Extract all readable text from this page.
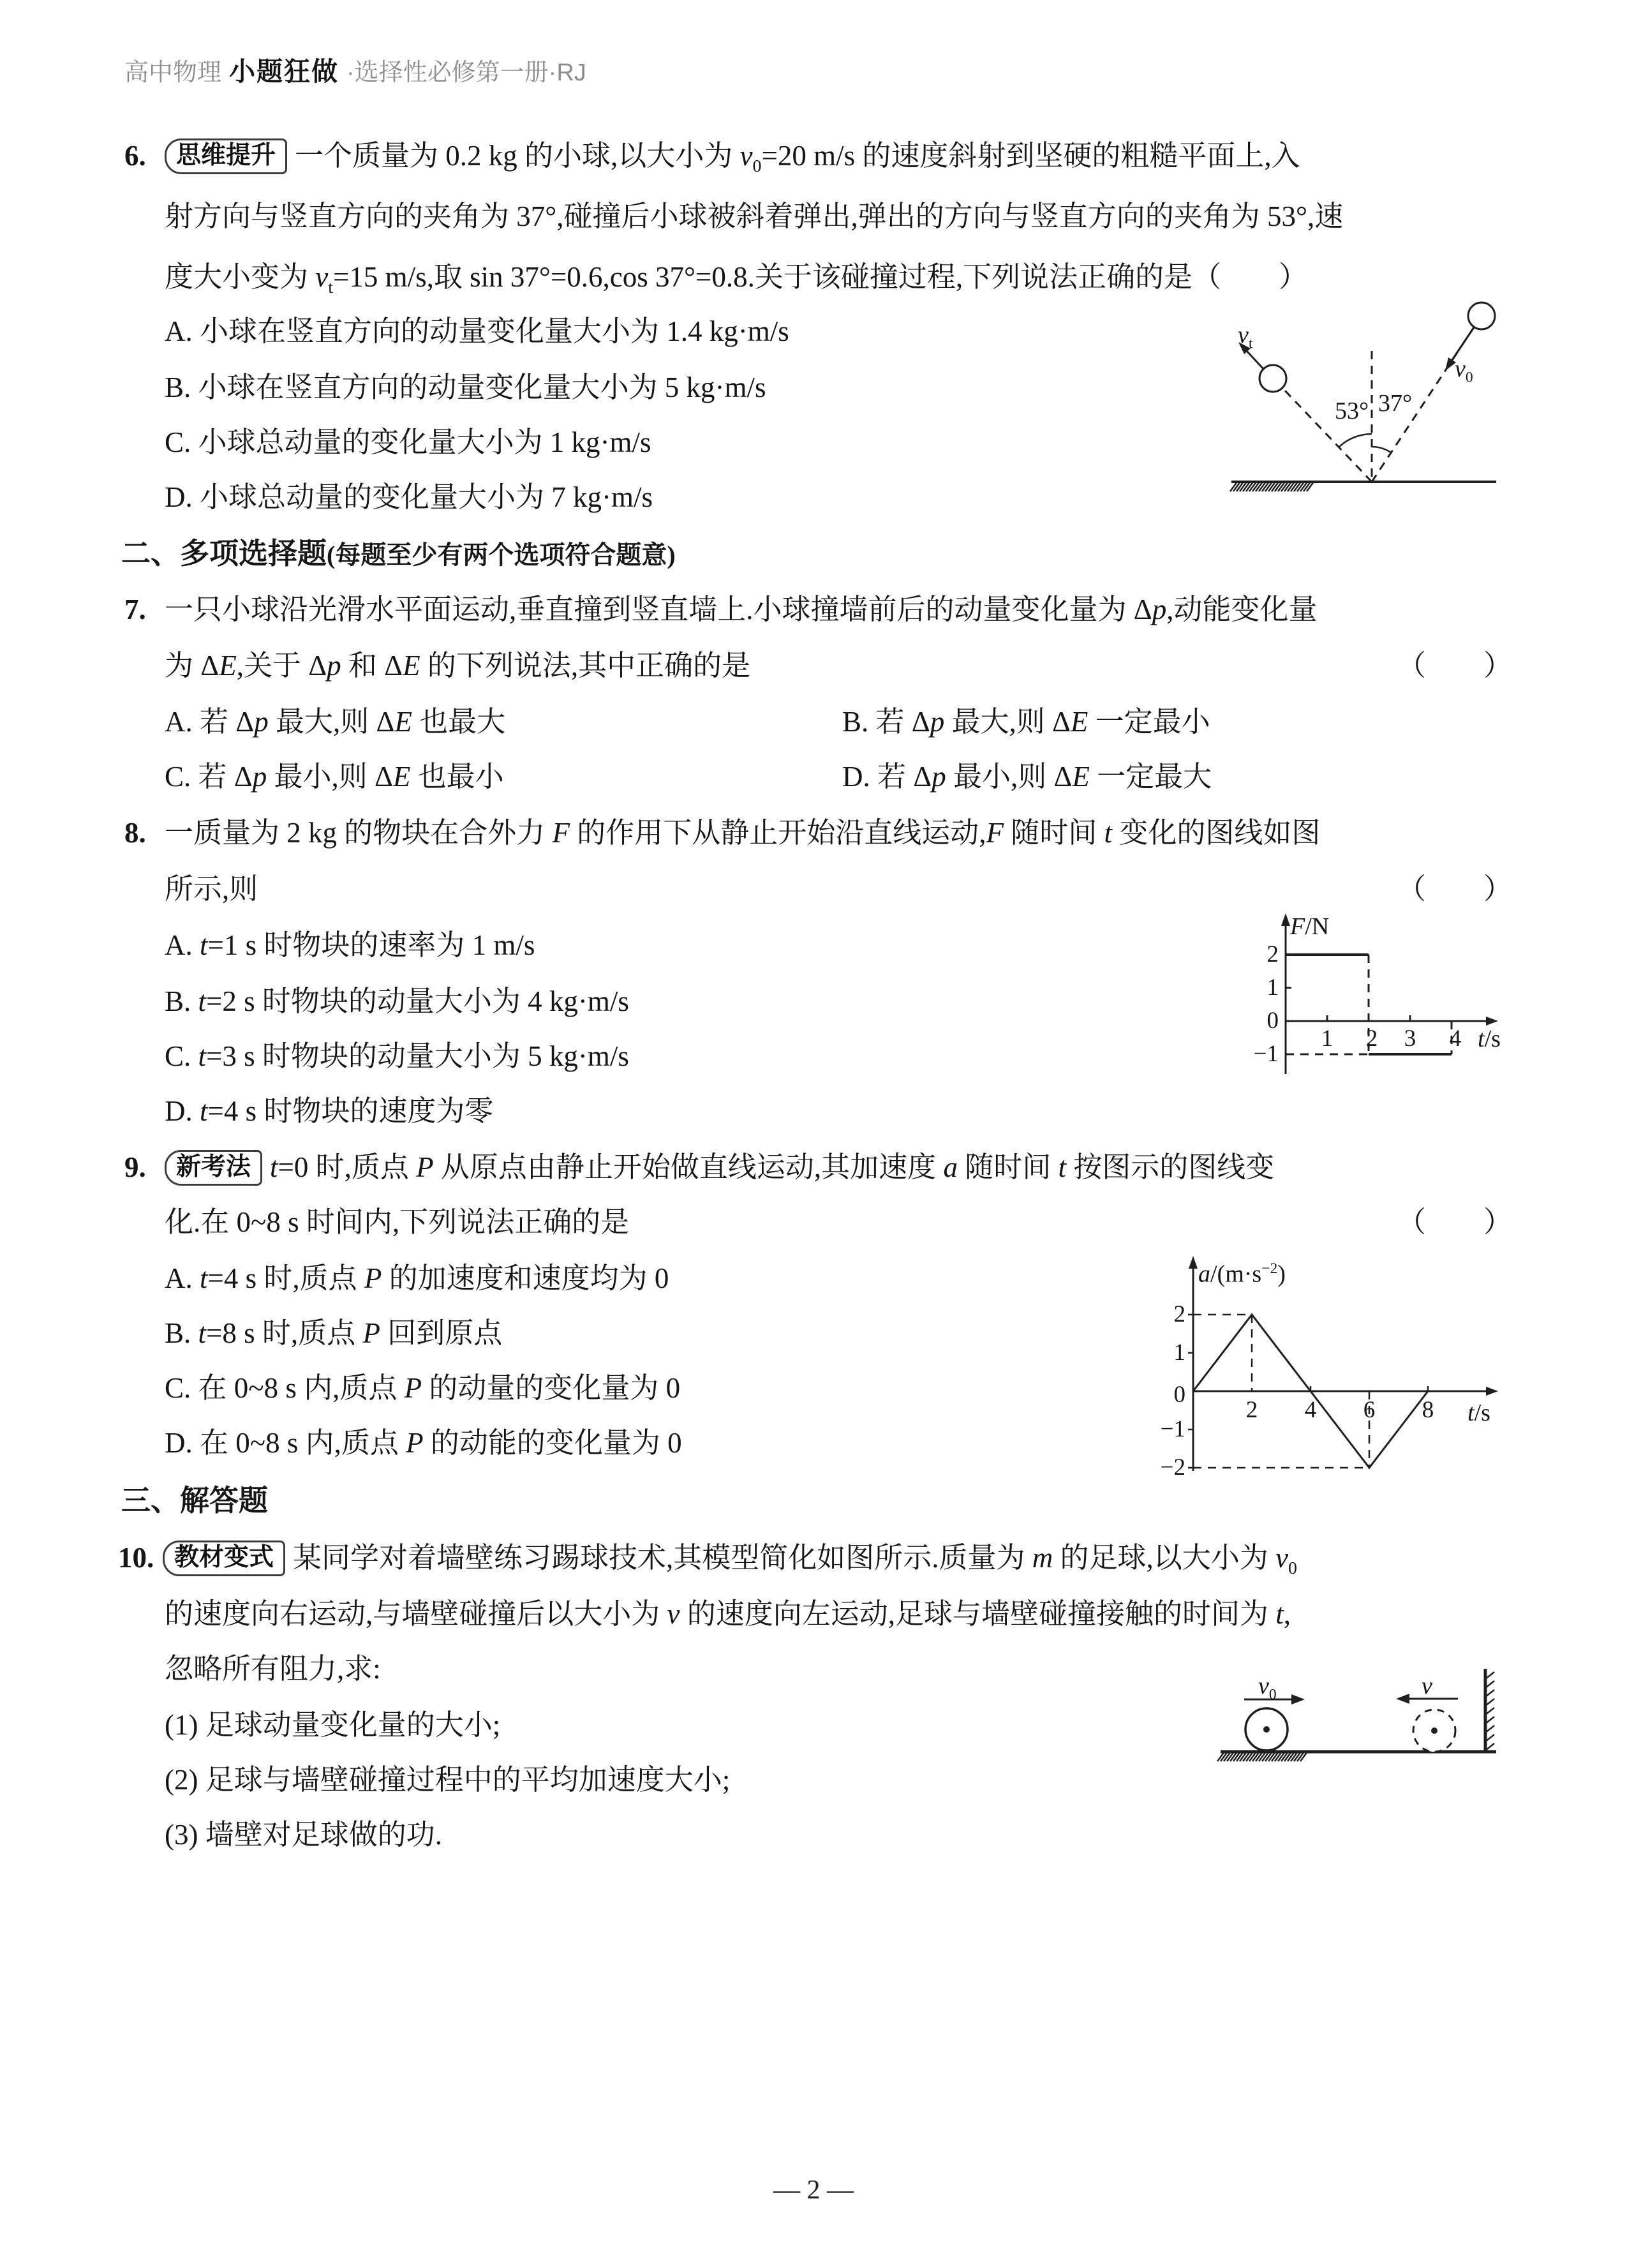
高中物理 小题狂做 ·选择性必修第一册·RJ
6. 思维提升 一个质量为 0.2 kg 的小球,以大小为 $v_0=20$ m/s 的速度斜射到坚硬的粗糙平面上,入
射方向与竖直方向的夹角为 37°,碰撞后小球被斜着弹出,弹出的方向与竖直方向的夹角为 53°,速
度大小变为 $v_t=15$ m/s,取 sin 37°=0.6,cos 37°=0.8.关于该碰撞过程,下列说法正确的是（　　）
A. 小球在竖直方向的动量变化量大小为 1.4 kg·m/s
B. 小球在竖直方向的动量变化量大小为 5 kg·m/s
C. 小球总动量的变化量大小为 1 kg·m/s
D. 小球总动量的变化量大小为 7 kg·m/s
$v_t$
$v_0$
53° 37°
二、多项选择题(每题至少有两个选项符合题意)
7. 一只小球沿光滑水平面运动,垂直撞到竖直墙上.小球撞墙前后的动量变化量为 Δp,动能变化量
为 ΔE,关于 Δp 和 ΔE 的下列说法,其中正确的是	（　　）
A. 若 Δp 最大,则 ΔE 也最大	B. 若 Δp 最大,则 ΔE 一定最小
C. 若 Δp 最小,则 ΔE 也最小	D. 若 Δp 最小,则 ΔE 一定最大
8. 一质量为 2 kg 的物块在合外力 F 的作用下从静止开始沿直线运动,F 随时间 t 变化的图线如图
所示,则	（　　）
A. t=1 s 时物块的速率为 1 m/s
B. t=2 s 时物块的动量大小为 4 kg·m/s
C. t=3 s 时物块的动量大小为 5 kg·m/s
D. t=4 s 时物块的速度为零
F/N
2
1
0
−1
1 2 3 4 t/s
9. 新考法 t=0 时,质点 P 从原点由静止开始做直线运动,其加速度 a 随时间 t 按图示的图线变
化.在 0~8 s 时间内,下列说法正确的是	（　　）
A. t=4 s 时,质点 P 的加速度和速度均为 0
B. t=8 s 时,质点 P 回到原点
C. 在 0~8 s 内,质点 P 的动量的变化量为 0
D. 在 0~8 s 内,质点 P 的动能的变化量为 0
$a/(m\cdot s^{-2})$
2
1
0
−1
−2
2 4 6 8 t/s
三、解答题
10. 教材变式 某同学对着墙壁练习踢球技术,其模型简化如图所示.质量为 m 的足球,以大小为 $v_0$
的速度向右运动,与墙壁碰撞后以大小为 v 的速度向左运动,足球与墙壁碰撞接触的时间为 t,
忽略所有阻力,求:
(1) 足球动量变化量的大小;
(2) 足球与墙壁碰撞过程中的平均加速度大小;
(3) 墙壁对足球做的功.
$v_0$	v
— 2 —
